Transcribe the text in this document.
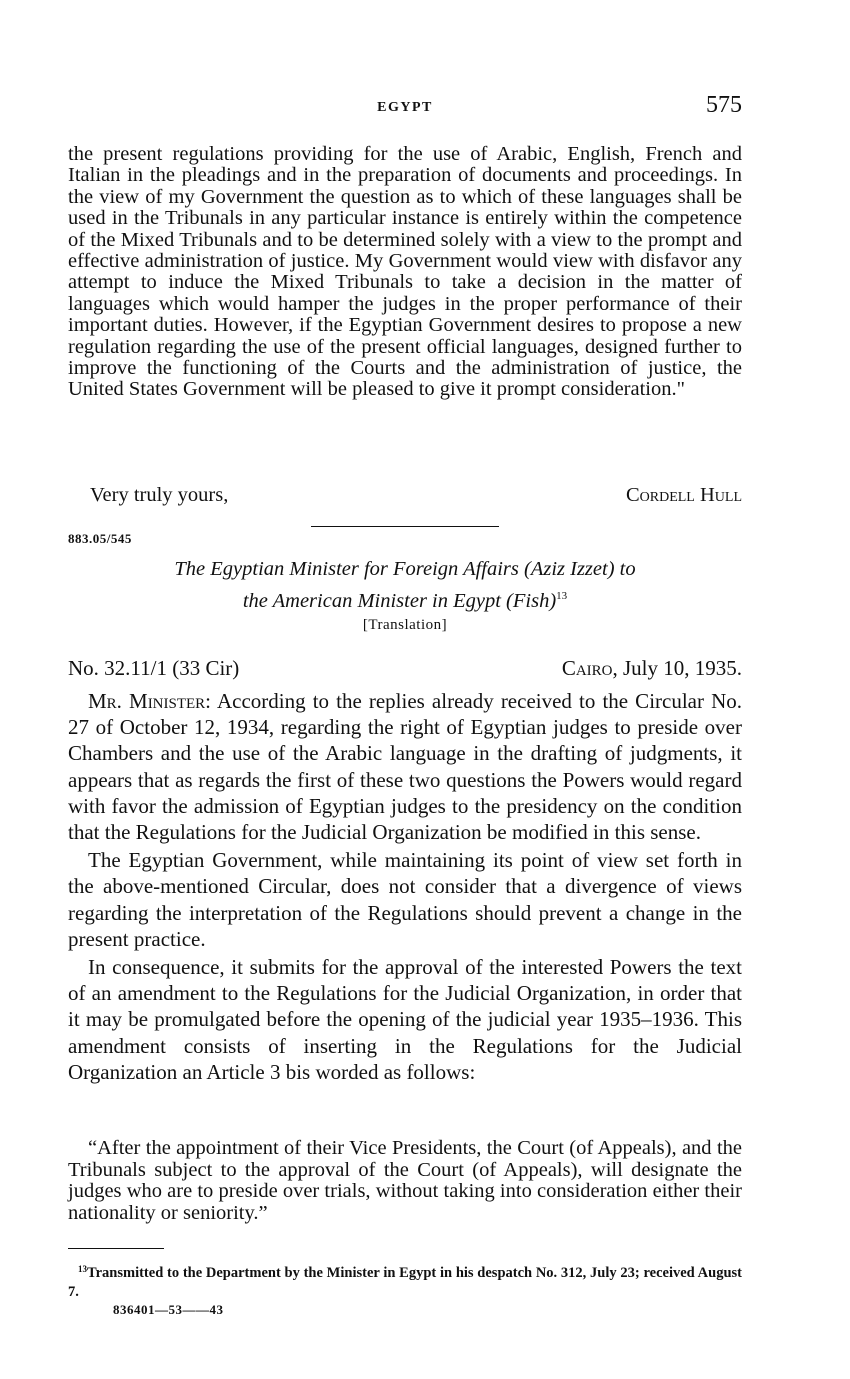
EGYPT	575

the present regulations providing for the use of Arabic, English, French and Italian in the pleadings and in the preparation of documents and proceedings. In the view of my Government the question as to which of these languages shall be used in the Tribunals in any particular instance is entirely within the competence of the Mixed Tribunals and to be determined solely with a view to the prompt and effective administration of justice. My Government would view with disfavor any attempt to induce the Mixed Tribunals to take a decision in the matter of languages which would hamper the judges in the proper performance of their important duties. However, if the Egyptian Government desires to propose a new regulation regarding the use of the present official languages, designed further to improve the functioning of the Courts and the administration of justice, the United States Government will be pleased to give it prompt consideration."

Very truly yours,	Cordell Hull
883.05/545
The Egyptian Minister for Foreign Affairs (Aziz Izzet) to
the American Minister in Egypt (Fish)$^{13}$
[Translation]
No. 32.11/1 (33 Cir)	Cairo, July 10, 1935.

Mr. Minister: According to the replies already received to the Circular No. 27 of October 12, 1934, regarding the right of Egyptian judges to preside over Chambers and the use of the Arabic language in the drafting of judgments, it appears that as regards the first of these two questions the Powers would regard with favor the admission of Egyptian judges to the presidency on the condition that the Regulations for the Judicial Organization be modified in this sense.

The Egyptian Government, while maintaining its point of view set forth in the above-mentioned Circular, does not consider that a divergence of views regarding the interpretation of the Regulations should prevent a change in the present practice.

In consequence, it submits for the approval of the interested Powers the text of an amendment to the Regulations for the Judicial Organization, in order that it may be promulgated before the opening of the judicial year 1935–1936. This amendment consists of inserting in the Regulations for the Judicial Organization an Article 3 bis worded as follows:

“After the appointment of their Vice Presidents, the Court (of Appeals), and the Tribunals subject to the approval of the Court (of Appeals), will designate the judges who are to preside over trials, without taking into consideration either their nationality or seniority.”

$^{13}$Transmitted to the Department by the Minister in Egypt in his despatch No. 312, July 23; received August 7.
836401—53——43
